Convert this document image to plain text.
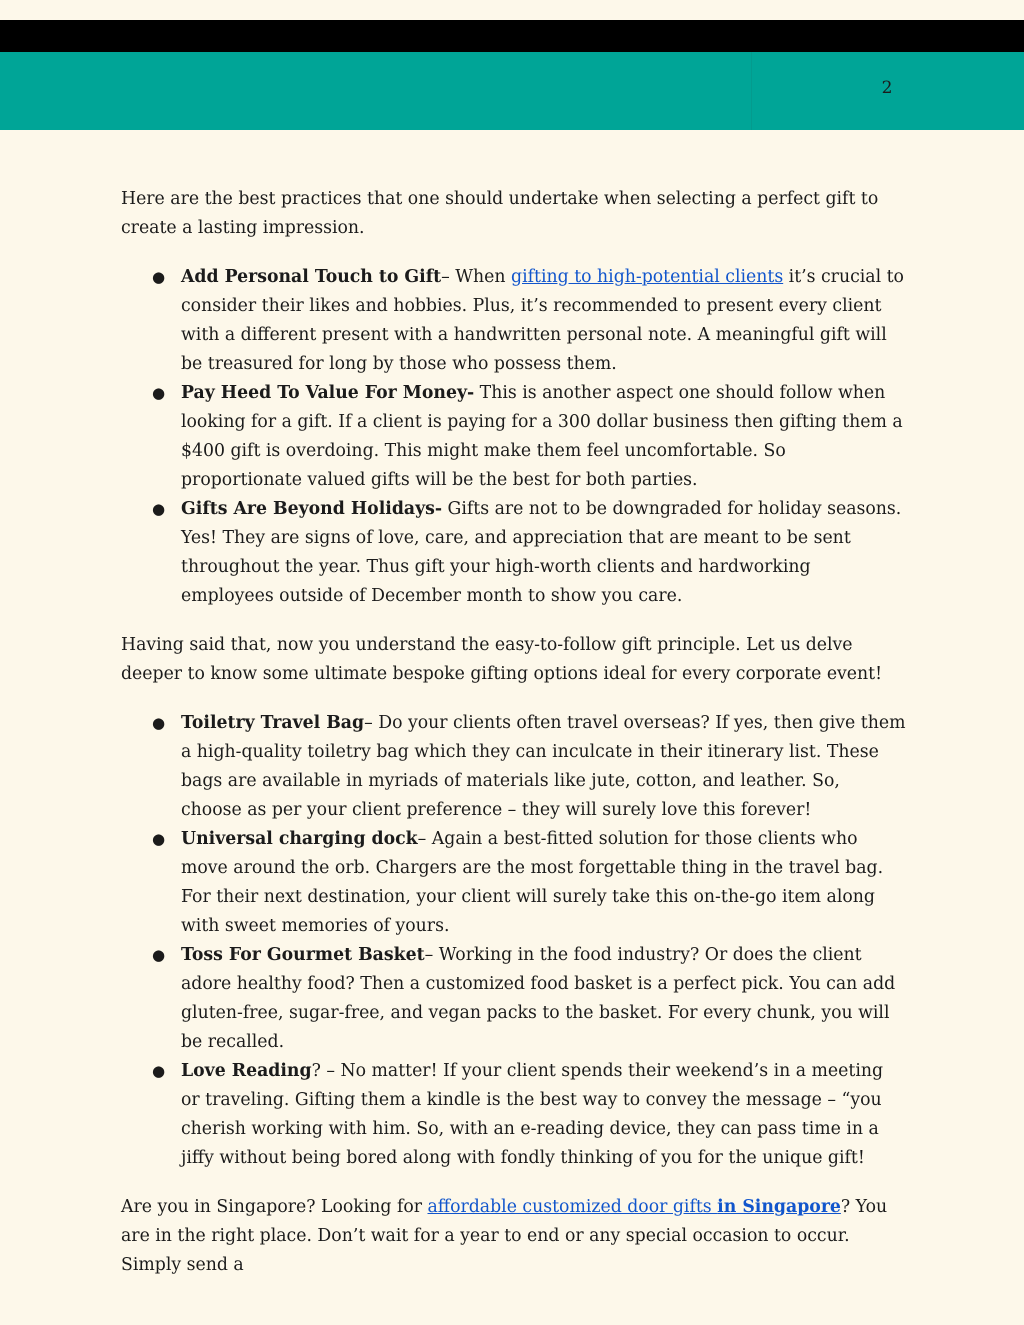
2

Here are the best practices that one should undertake when selecting a perfect gift to create a lasting impression.

● Add Personal Touch to Gift– When gifting to high-potential clients it’s crucial to consider their likes and hobbies. Plus, it’s recommended to present every client with a different present with a handwritten personal note. A meaningful gift will be treasured for long by those who possess them.
● Pay Heed To Value For Money- This is another aspect one should follow when looking for a gift. If a client is paying for a 300 dollar business then gifting them a $400 gift is overdoing. This might make them feel uncomfortable. So proportionate valued gifts will be the best for both parties.
● Gifts Are Beyond Holidays- Gifts are not to be downgraded for holiday seasons. Yes! They are signs of love, care, and appreciation that are meant to be sent throughout the year. Thus gift your high-worth clients and hardworking employees outside of December month to show you care.

Having said that, now you understand the easy-to-follow gift principle. Let us delve deeper to know some ultimate bespoke gifting options ideal for every corporate event!

● Toiletry Travel Bag– Do your clients often travel overseas? If yes, then give them a high-quality toiletry bag which they can inculcate in their itinerary list. These bags are available in myriads of materials like jute, cotton, and leather. So, choose as per your client preference – they will surely love this forever!
● Universal charging dock– Again a best-fitted solution for those clients who move around the orb. Chargers are the most forgettable thing in the travel bag. For their next destination, your client will surely take this on-the-go item along with sweet memories of yours.
● Toss For Gourmet Basket– Working in the food industry? Or does the client adore healthy food? Then a customized food basket is a perfect pick. You can add gluten-free, sugar-free, and vegan packs to the basket. For every chunk, you will be recalled.
● Love Reading? – No matter! If your client spends their weekend’s in a meeting or traveling. Gifting them a kindle is the best way to convey the message – “you cherish working with him. So, with an e-reading device, they can pass time in a jiffy without being bored along with fondly thinking of you for the unique gift!

Are you in Singapore? Looking for affordable customized door gifts in Singapore? You are in the right place. Don’t wait for a year to end or any special occasion to occur. Simply send a
